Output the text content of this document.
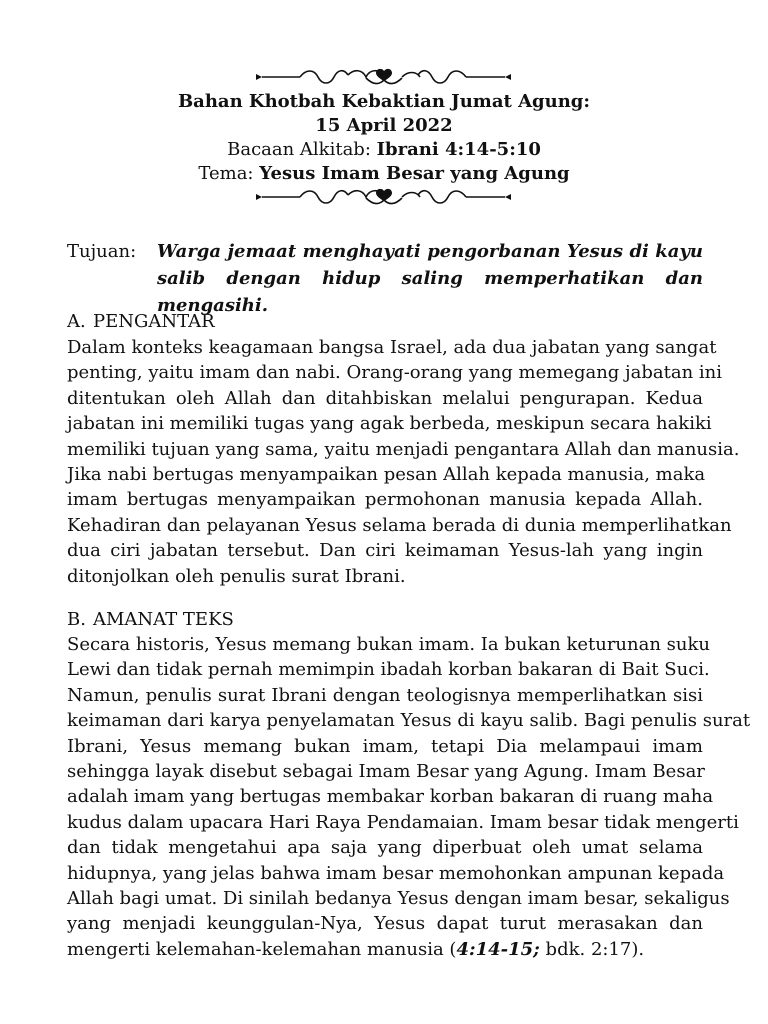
Bahan Khotbah Kebaktian Jumat Agung:
15 April 2022
Bacaan Alkitab: Ibrani 4:14-5:10
Tema: Yesus Imam Besar yang Agung
Tujuan: Warga jemaat menghayati pengorbanan Yesus di kayu salib dengan hidup saling memperhatikan dan mengasihi.
A. PENGANTAR
Dalam konteks keagamaan bangsa Israel, ada dua jabatan yang sangat
penting, yaitu imam dan nabi. Orang-orang yang memegang jabatan ini
ditentukan oleh Allah dan ditahbiskan melalui pengurapan. Kedua
jabatan ini memiliki tugas yang agak berbeda, meskipun secara hakiki
memiliki tujuan yang sama, yaitu menjadi pengantara Allah dan manusia.
Jika nabi bertugas menyampaikan pesan Allah kepada manusia, maka
imam bertugas menyampaikan permohonan manusia kepada Allah.
Kehadiran dan pelayanan Yesus selama berada di dunia memperlihatkan
dua ciri jabatan tersebut. Dan ciri keimaman Yesus-lah yang ingin
ditonjolkan oleh penulis surat Ibrani.
B. AMANAT TEKS
Secara historis, Yesus memang bukan imam. Ia bukan keturunan suku
Lewi dan tidak pernah memimpin ibadah korban bakaran di Bait Suci.
Namun, penulis surat Ibrani dengan teologisnya memperlihatkan sisi
keimaman dari karya penyelamatan Yesus di kayu salib. Bagi penulis surat
Ibrani, Yesus memang bukan imam, tetapi Dia melampaui imam
sehingga layak disebut sebagai Imam Besar yang Agung. Imam Besar
adalah imam yang bertugas membakar korban bakaran di ruang maha
kudus dalam upacara Hari Raya Pendamaian. Imam besar tidak mengerti
dan tidak mengetahui apa saja yang diperbuat oleh umat selama
hidupnya, yang jelas bahwa imam besar memohonkan ampunan kepada
Allah bagi umat. Di sinilah bedanya Yesus dengan imam besar, sekaligus
yang menjadi keunggulan-Nya, Yesus dapat turut merasakan dan
mengerti kelemahan-kelemahan manusia (4:14-15; bdk. 2:17).
